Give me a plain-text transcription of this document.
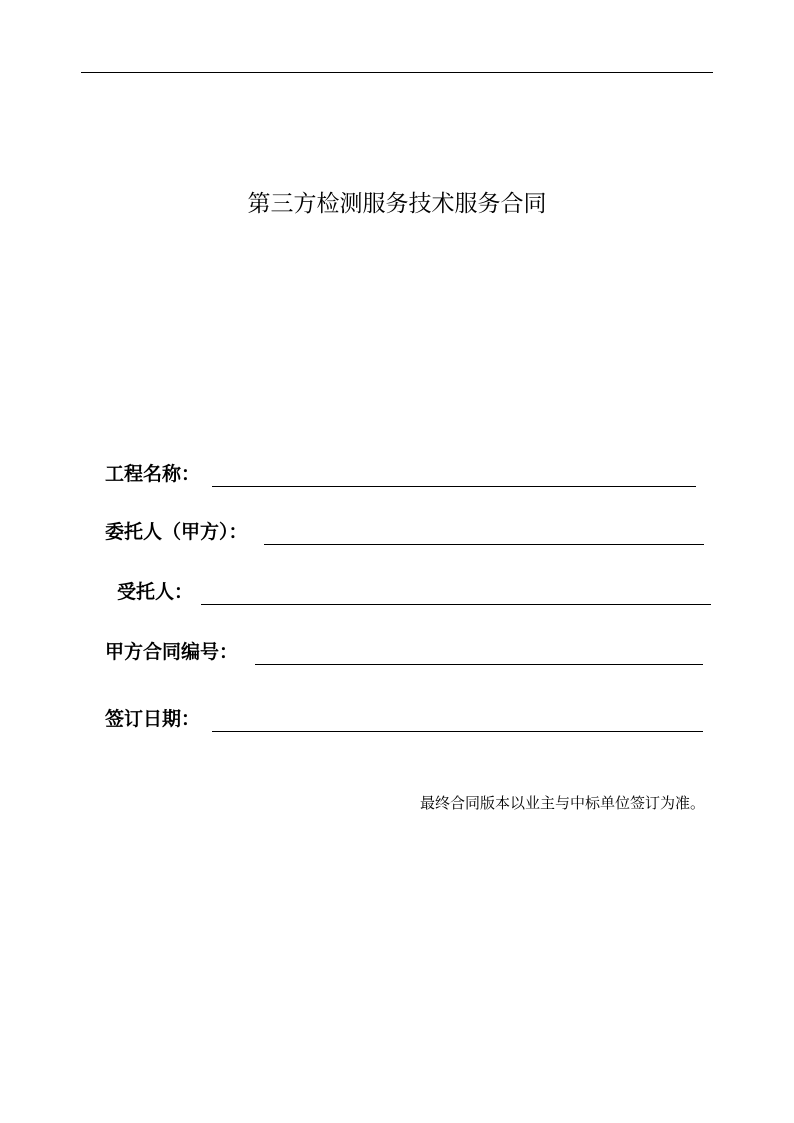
第三方检测服务技术服务合同
工程名称：
委托人（甲方）：
受托人：
甲方合同编号：
签订日期：
最终合同版本以业主与中标单位签订为准。
